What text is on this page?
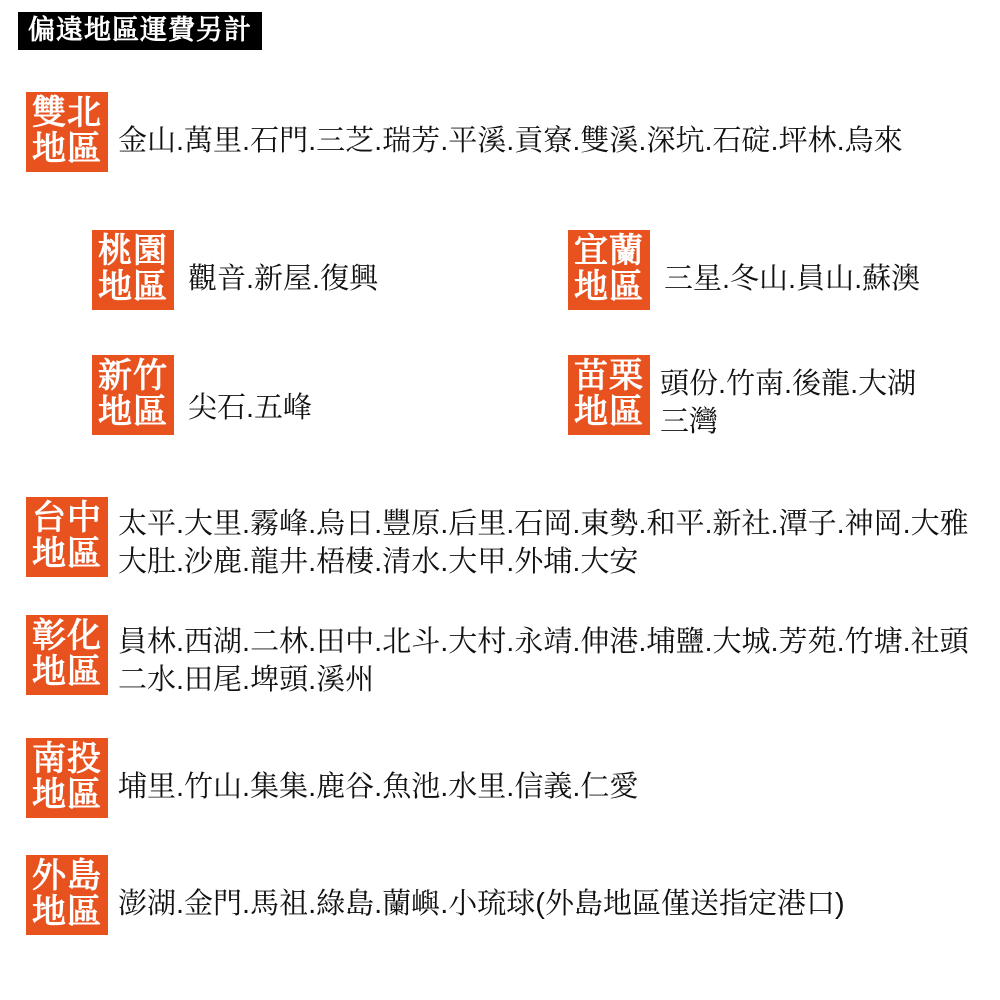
偏遠地區運費另計
雙北
地區 金山.萬里.石門.三芝.瑞芳.平溪.貢寮.雙溪.深坑.石碇.坪林.烏來
桃園
地區 觀音.新屋.復興
宜蘭
地區 三星.冬山.員山.蘇澳
新竹
地區 尖石.五峰
苗栗
地區
頭份.竹南.後龍.大湖
三灣
台中
地區
太平.大里.霧峰.烏日.豐原.后里.石岡.東勢.和平.新社.潭子.神岡.大雅
大肚.沙鹿.龍井.梧棲.清水.大甲.外埔.大安
彰化
地區
員林.西湖.二林.田中.北斗.大村.永靖.伸港.埔鹽.大城.芳苑.竹塘.社頭
二水.田尾.埤頭.溪州
南投
地區 埔里.竹山.集集.鹿谷.魚池.水里.信義.仁愛
外島
地區 澎湖.金門.馬祖.綠島.蘭嶼.小琉球(外島地區僅送指定港口)
